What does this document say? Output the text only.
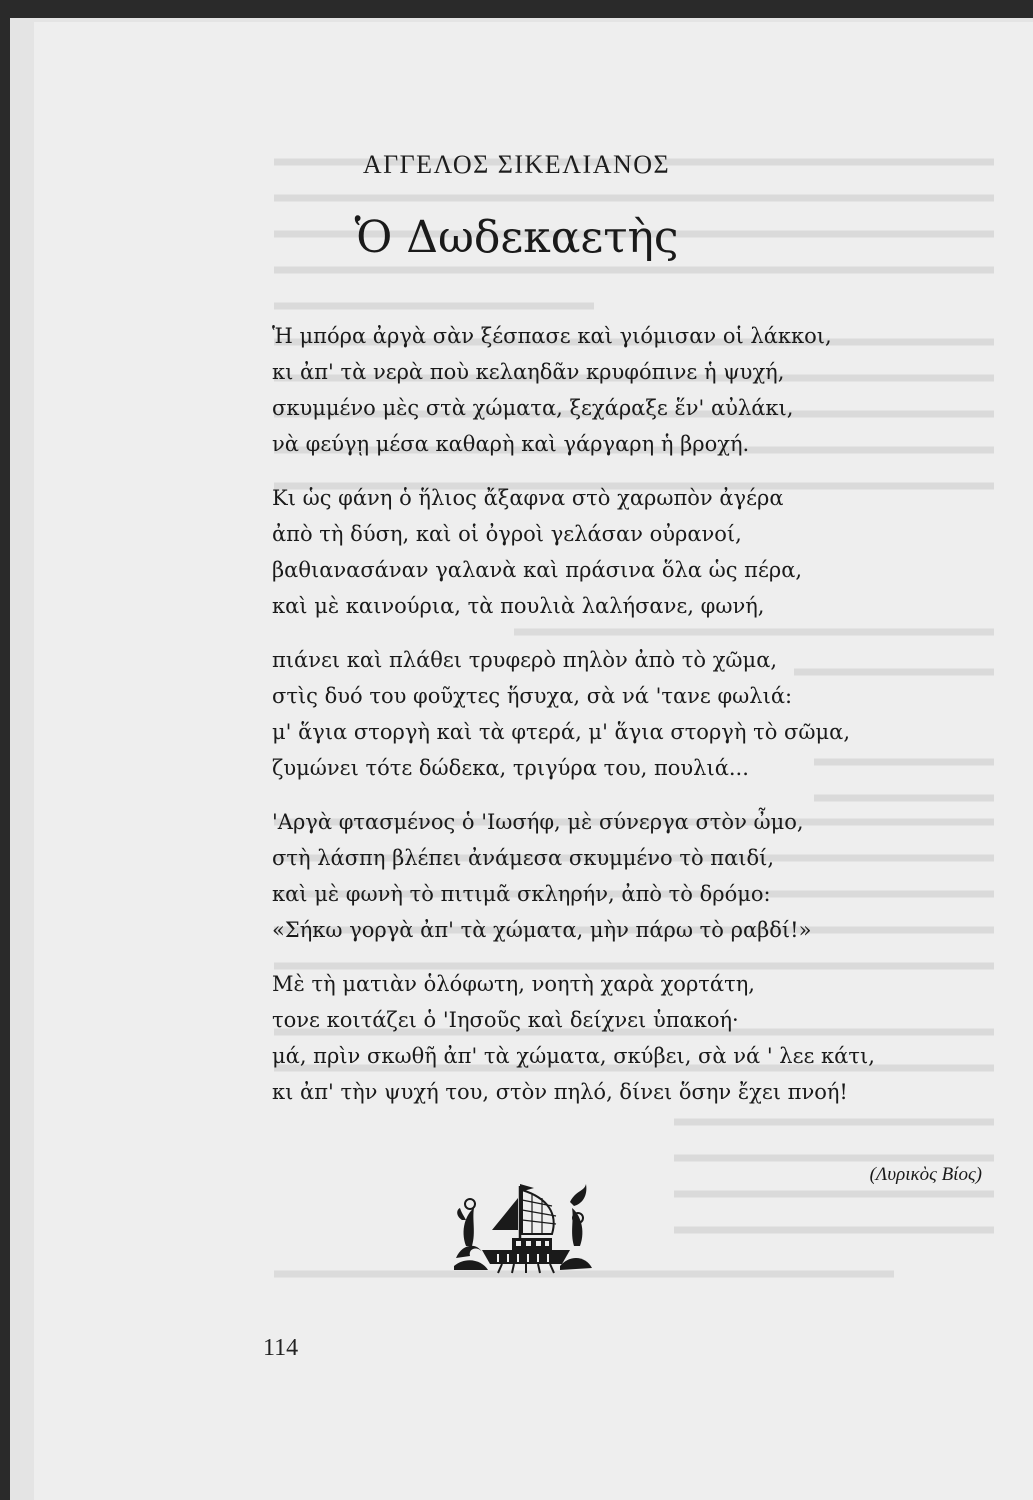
ΑΓΓΕΛΟΣ ΣΙΚΕΛΙΑΝΟΣ
Ὁ Δωδεκαετὴς
Ἡ μπόρα ἀργὰ σὰν ξέσπασε καὶ γιόμισαν οἱ λάκκοι,
κι ἀπ' τὰ νερὰ ποὺ κελαηδᾶν κρυφόπινε ἡ ψυχή,
σκυμμένο μὲς στὰ χώματα, ξεχάραξε ἕν' αὐλάκι,
νὰ φεύγῃ μέσα καθαρὴ καὶ γάργαρη ἡ βροχή.
Κι ὡς φάνη ὁ ἥλιος ἄξαφνα στὸ χαρωπὸν ἀγέρα
ἀπὸ τὴ δύση, καὶ οἱ ὀγροὶ γελάσαν οὐρανοί,
βαθιανασάναν γαλανὰ καὶ πράσινα ὅλα ὡς πέρα,
καὶ μὲ καινούρια, τὰ πουλιὰ λαλήσανε, φωνή,
πιάνει καὶ πλάθει τρυφερὸ πηλὸν ἀπὸ τὸ χῶμα,
στὶς δυό του φοῦχτες ἥσυχα, σὰ νά 'τανε φωλιά:
μ' ἅγια στοργὴ καὶ τὰ φτερά, μ' ἅγια στοργὴ τὸ σῶμα,
ζυμώνει τότε δώδεκα, τριγύρα του, πουλιά...
'Αργὰ φτασμένος ὁ 'Ιωσήφ, μὲ σύνεργα στὸν ὦμο,
στὴ λάσπη βλέπει ἀνάμεσα σκυμμένο τὸ παιδί,
καὶ μὲ φωνὴ τὸ πιτιμᾶ σκληρήν, ἀπὸ τὸ δρόμο:
«Σήκω γοργὰ ἀπ' τὰ χώματα, μὴν πάρω τὸ ραβδί!»
Μὲ τὴ ματιὰν ὁλόφωτη, νοητὴ χαρὰ χορτάτη,
τονε κοιτάζει ὁ 'Ιησοῦς καὶ δείχνει ὑπακοή·
μά, πρὶν σκωθῆ ἀπ' τὰ χώματα, σκύβει, σὰ νά ' λεε κάτι,
κι ἀπ' τὴν ψυχή του, στὸν πηλό, δίνει ὅσην ἔχει πνοή!
(Λυρικὸς Βίος)
114
